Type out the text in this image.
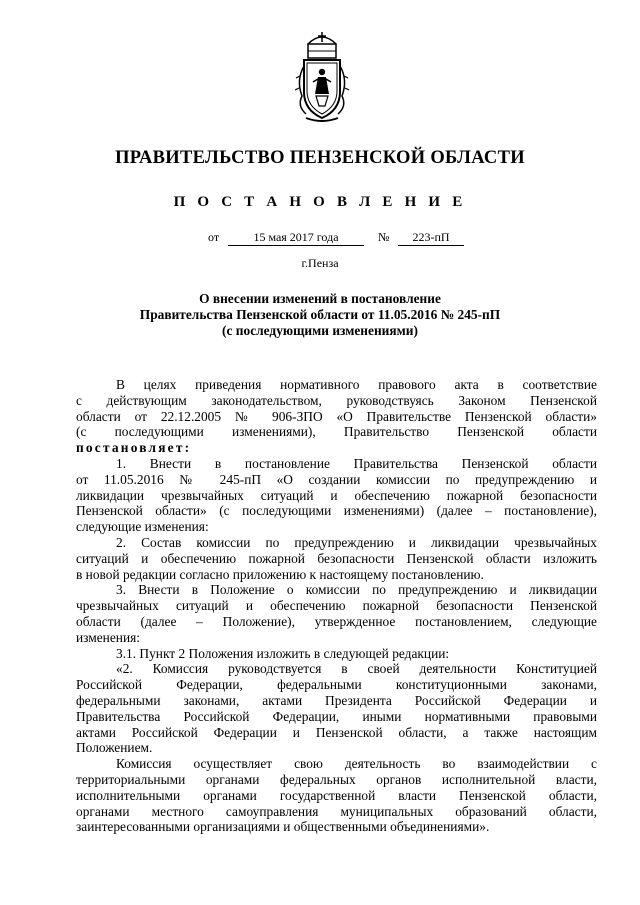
ПРАВИТЕЛЬСТВО ПЕНЗЕНСКОЙ ОБЛАСТИ
П О С Т А Н О В Л Е Н И Е
от	15 мая 2017 года	№	223-пП
г.Пенза
О внесении изменений в постановление
Правительства Пензенской области от 11.05.2016 № 245-пП
(с последующими изменениями)
В целях приведения нормативного правового акта в соответствие
с действующим законодательством, руководствуясь Законом Пензенской
области от 22.12.2005 № 906-ЗПО «О Правительстве Пензенской области»
(с последующими изменениями), Правительство Пензенской области
постановляет:
1. Внести в постановление Правительства Пензенской области
от 11.05.2016 № 245-пП «О создании комиссии по предупреждению и
ликвидации чрезвычайных ситуаций и обеспечению пожарной безопасности
Пензенской области» (с последующими изменениями) (далее – постановление),
следующие изменения:
2. Состав комиссии по предупреждению и ликвидации чрезвычайных
ситуаций и обеспечению пожарной безопасности Пензенской области изложить
в новой редакции согласно приложению к настоящему постановлению.
3. Внести в Положение о комиссии по предупреждению и ликвидации
чрезвычайных ситуаций и обеспечению пожарной безопасности Пензенской
области (далее – Положение), утвержденное постановлением, следующие
изменения:
3.1. Пункт 2 Положения изложить в следующей редакции:
«2. Комиссия руководствуется в своей деятельности Конституцией
Российской Федерации, федеральными конституционными законами,
федеральными законами, актами Президента Российской Федерации и
Правительства Российской Федерации, иными нормативными правовыми
актами Российской Федерации и Пензенской области, а также настоящим
Положением.
Комиссия осуществляет свою деятельность во взаимодействии с
территориальными органами федеральных органов исполнительной власти,
исполнительными органами государственной власти Пензенской области,
органами местного самоуправления муниципальных образований области,
заинтересованными организациями и общественными объединениями».
